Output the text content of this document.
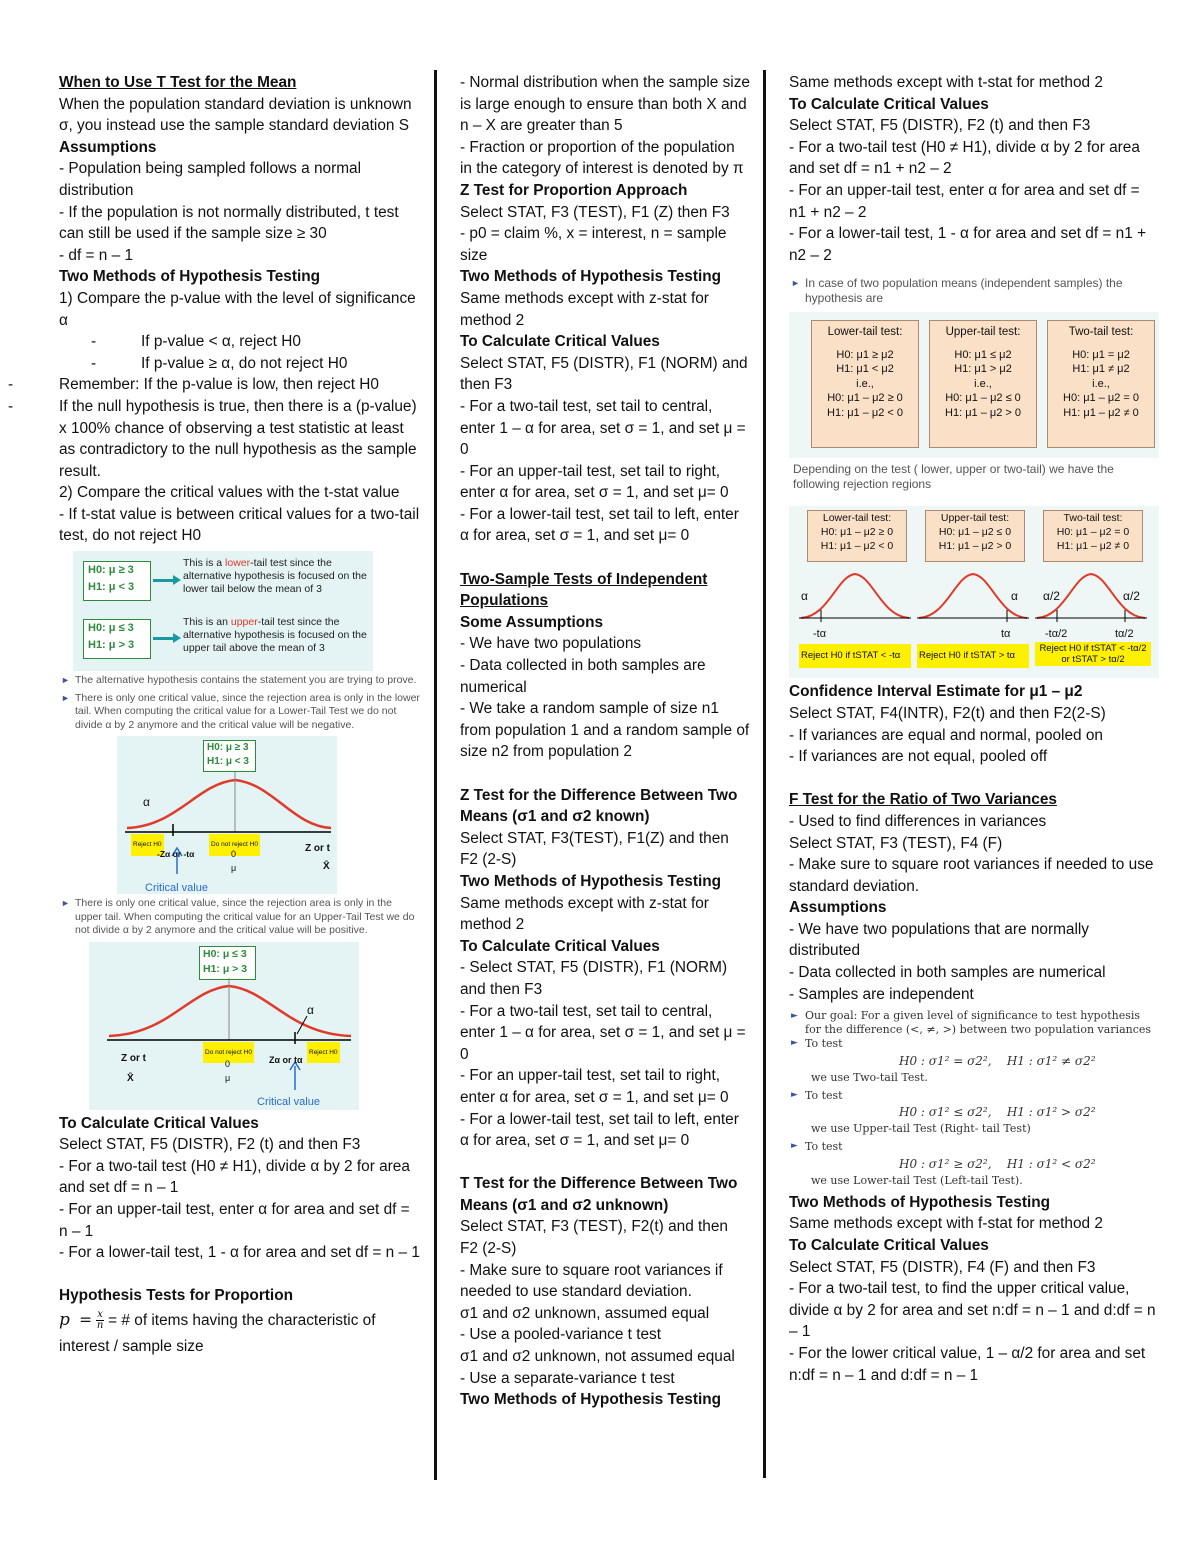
When to Use T Test for the Mean
When the population standard deviation is unknown σ, you instead use the sample standard deviation S
Assumptions
- Population being sampled follows a normal distribution
- If the population is not normally distributed, t test can still be used if the sample size ≥ 30
- df = n – 1
Two Methods of Hypothesis Testing
1) Compare the p-value with the level of significance α
-	If p-value < α, reject H0
-	If p-value ≥ α, do not reject H0
-	Remember: If the p-value is low, then reject H0
-	If the null hypothesis is true, then there is a (p-value) x 100% chance of observing a test statistic at least as contradictory to the null hypothesis as the sample result.
2) Compare the critical values with the t-stat value
- If t-stat value is between critical values for a two-tail test, do not reject H0
H0: μ ≥ 3
H1: μ < 3
This is a lower-tail test since the alternative hypothesis is focused on the lower tail below the mean of 3
H0: μ ≤ 3
H1: μ > 3
This is an upper-tail test since the alternative hypothesis is focused on the upper tail above the mean of 3
► The alternative hypothesis contains the statement you are trying to prove.
► There is only one critical value, since the rejection area is only in the lower tail. When computing the critical value for a Lower-Tail Test we do not divide α by 2 anymore and the critical value will be negative.
H0: μ ≥ 3
H1: μ < 3
α
Reject H0	Do not reject H0
-Zα or -tα	0
μ
Z or t
X̄
Critical value
► There is only one critical value, since the rejection area is only in the upper tail. When computing the critical value for an Upper-Tail Test we do not divide α by 2 anymore and the critical value will be positive.
H0: μ ≤ 3
H1: μ > 3
α
Do not reject H0	Reject H0
Z or t
X̄
0
μ
Zα or tα
Critical value
To Calculate Critical Values
Select STAT, F5 (DISTR), F2 (t) and then F3
- For a two-tail test (H0 ≠ H1), divide α by 2 for area and set df = n – 1
- For an upper-tail test, enter α for area and set df = n – 1
- For a lower-tail test, 1 - α for area and set df = n – 1
Hypothesis Tests for Proportion
$p = \frac{x}{n}$ = # of items having the characteristic of interest / sample size
- Normal distribution when the sample size is large enough to ensure than both X and n – X are greater than 5
- Fraction or proportion of the population in the category of interest is denoted by π
Z Test for Proportion Approach
Select STAT, F3 (TEST), F1 (Z) then F3
- p0 = claim %, x = interest, n = sample size
Two Methods of Hypothesis Testing
Same methods except with z-stat for method 2
To Calculate Critical Values
Select STAT, F5 (DISTR), F1 (NORM) and then F3
- For a two-tail test, set tail to central, enter 1 – α for area, set σ = 1, and set μ = 0
- For an upper-tail test, set tail to right, enter α for area, set σ = 1, and set μ= 0
- For a lower-tail test, set tail to left, enter α for area, set σ = 1, and set μ= 0
Two-Sample Tests of Independent Populations
Some Assumptions
- We have two populations
- Data collected in both samples are numerical
- We take a random sample of size n1 from population 1 and a random sample of size n2 from population 2
Z Test for the Difference Between Two Means (σ1 and σ2 known)
Select STAT, F3(TEST), F1(Z) and then F2 (2-S)
Two Methods of Hypothesis Testing
Same methods except with z-stat for method 2
To Calculate Critical Values
- Select STAT, F5 (DISTR), F1 (NORM) and then F3
- For a two-tail test, set tail to central, enter 1 – α for area, set σ = 1, and set μ = 0
- For an upper-tail test, set tail to right, enter α for area, set σ = 1, and set μ= 0
- For a lower-tail test, set tail to left, enter α for area, set σ = 1, and set μ= 0
T Test for the Difference Between Two Means (σ1 and σ2 unknown)
Select STAT, F3 (TEST), F2(t) and then F2 (2-S)
- Make sure to square root variances if needed to use standard deviation.
σ1 and σ2 unknown, assumed equal
- Use a pooled-variance t test
σ1 and σ2 unknown, not assumed equal
- Use a separate-variance t test
Two Methods of Hypothesis Testing
Same methods except with t-stat for method 2
To Calculate Critical Values
Select STAT, F5 (DISTR), F2 (t) and then F3
- For a two-tail test (H0 ≠ H1), divide α by 2 for area and set df = n1 + n2 – 2
- For an upper-tail test, enter α for area and set df = n1 + n2 – 2
- For a lower-tail test, 1 - α for area and set df = n1 + n2 – 2
► In case of two population means (independent samples) the hypothesis are
Lower-tail test:
H0: μ1 ≥ μ2
H1: μ1 < μ2
i.e.,
H0: μ1 – μ2 ≥ 0
H1: μ1 – μ2 < 0
Upper-tail test:
H0: μ1 ≤ μ2
H1: μ1 > μ2
i.e.,
H0: μ1 – μ2 ≤ 0
H1: μ1 – μ2 > 0
Two-tail test:
H0: μ1 = μ2
H1: μ1 ≠ μ2
i.e.,
H0: μ1 – μ2 = 0
H1: μ1 – μ2 ≠ 0
Depending on the test ( lower, upper or two-tail) we have the following rejection regions
Lower-tail test:
H0: μ1 – μ2 ≥ 0
H1: μ1 – μ2 < 0
Upper-tail test:
H0: μ1 – μ2 ≤ 0
H1: μ1 – μ2 > 0
Two-tail test:
H0: μ1 – μ2 = 0
H1: μ1 – μ2 ≠ 0
α	α α/2	α/2
-tα	tα	-tα/2	tα/2
Reject H0 if tSTAT < -tα	Reject H0 if tSTAT > tα
Reject H0 if tSTAT < -tα/2
or tSTAT > tα/2
Confidence Interval Estimate for μ1 – μ2
Select STAT, F4(INTR), F2(t) and then F2(2-S)
- If variances are equal and normal, pooled on
- If variances are not equal, pooled off
F Test for the Ratio of Two Variances
- Used to find differences in variances
Select STAT, F3 (TEST), F4 (F)
- Make sure to square root variances if needed to use standard deviation.
Assumptions
- We have two populations that are normally distributed
- Data collected in both samples are numerical
- Samples are independent
► Our goal: For a given level of significance to test hypothesis for the difference (<, ≠, >) between two population variances
► To test
H0 : σ1² = σ2², H1 : σ1² ≠ σ2²
we use Two-tail Test.
► To test
H0 : σ1² ≤ σ2², H1 : σ1² > σ2²
we use Upper-tail Test (Right- tail Test)
► To test
H0 : σ1² ≥ σ2², H1 : σ1² < σ2²
we use Lower-tail Test (Left-tail Test).
Two Methods of Hypothesis Testing
Same methods except with f-stat for method 2
To Calculate Critical Values
Select STAT, F5 (DISTR), F4 (F) and then F3
- For a two-tail test, to find the upper critical value, divide α by 2 for area and set n:df = n – 1 and d:df = n – 1
- For the lower critical value, 1 – α/2 for area and set n:df = n – 1 and d:df = n – 1
